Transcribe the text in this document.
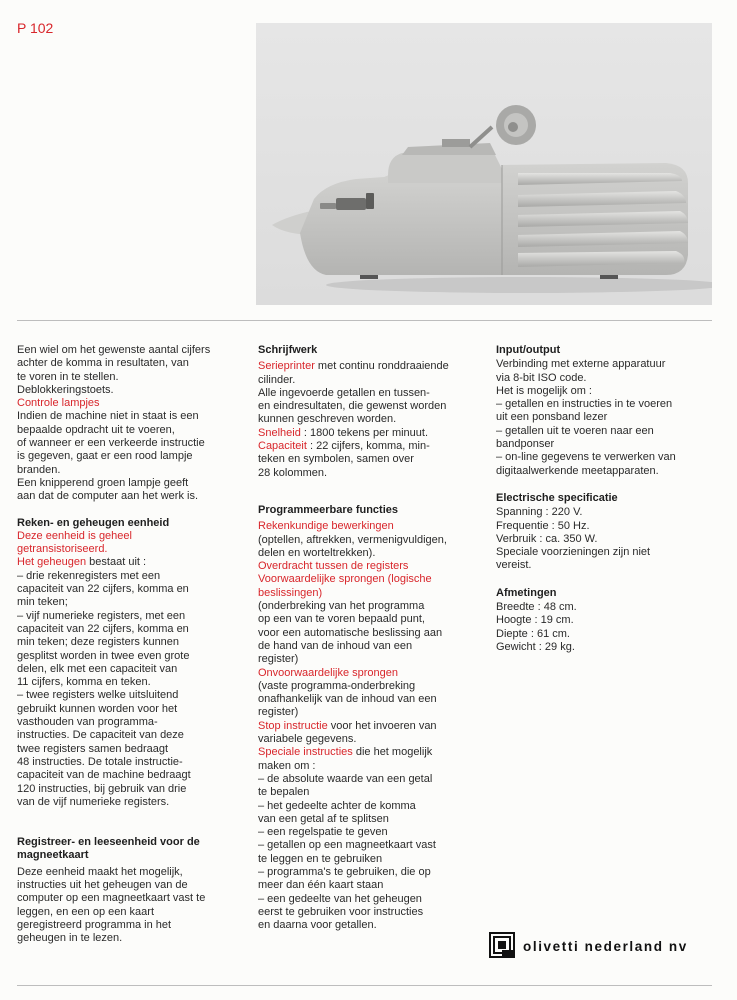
P 102

Een wiel om het gewenste aantal cijfers

achter de komma in resultaten, van

te voren in te stellen.

Deblokkeringstoets.

Controle lampjes

Indien de machine niet in staat is een

bepaalde opdracht uit te voeren,

of wanneer er een verkeerde instructie

is gegeven, gaat er een rood lampje

branden.

Een knipperend groen lampje geeft

aan dat de computer aan het werk is.

Reken- en geheugen eenheid

Deze eenheid is geheel

getransistoriseerd.

Het geheugen bestaat uit :

– drie rekenregisters met een

capaciteit van 22 cijfers, komma en

min teken;

– vijf numerieke registers, met een

capaciteit van 22 cijfers, komma en

min teken; deze registers kunnen

gesplitst worden in twee even grote

delen, elk met een capaciteit van

11 cijfers, komma en teken.

– twee registers welke uitsluitend

gebruikt kunnen worden voor het

vasthouden van programma-

instructies. De capaciteit van deze

twee registers samen bedraagt

48 instructies. De totale instructie-

capaciteit van de machine bedraagt

120 instructies, bij gebruik van drie

van de vijf numerieke registers.

Registreer- en leeseenheid voor de

magneetkaart

Deze eenheid maakt het mogelijk,

instructies uit het geheugen van de

computer op een magneetkaart vast te

leggen, en een op een kaart

geregistreerd programma in het

geheugen in te lezen.

Schrijfwerk

Serieprinter met continu ronddraaiende

cilinder.

Alle ingevoerde getallen en tussen-

en eindresultaten, die gewenst worden

kunnen geschreven worden.

Snelheid : 1800 tekens per minuut.

Capaciteit : 22 cijfers, komma, min-

teken en symbolen, samen over

28 kolommen.

Programmeerbare functies

Rekenkundige bewerkingen

(optellen, aftrekken, vermenigvuldigen,

delen en worteltrekken).

Overdracht tussen de registers

Voorwaardelijke sprongen (logische

beslissingen)

(onderbreking van het programma

op een van te voren bepaald punt,

voor een automatische beslissing aan

de hand van de inhoud van een

register)

Onvoorwaardelijke sprongen

(vaste programma-onderbreking

onafhankelijk van de inhoud van een

register)

Stop instructie voor het invoeren van

variabele gegevens.

Speciale instructies die het mogelijk

maken om :

– de absolute waarde van een getal

te bepalen

– het gedeelte achter de komma

van een getal af te splitsen

– een regelspatie te geven

– getallen op een magneetkaart vast

te leggen en te gebruiken

– programma's te gebruiken, die op

meer dan één kaart staan

– een gedeelte van het geheugen

eerst te gebruiken voor instructies

en daarna voor getallen.

Input/output

Verbinding met externe apparatuur

via 8-bit ISO code.

Het is mogelijk om :

– getallen en instructies in te voeren

uit een ponsband lezer

– getallen uit te voeren naar een

bandponser

– on-line gegevens te verwerken van

digitaalwerkende meetapparaten.

Electrische specificatie

Spanning : 220 V.

Frequentie : 50 Hz.

Verbruik : ca. 350 W.

Speciale voorzieningen zijn niet

vereist.

Afmetingen

Breedte : 48 cm.

Hoogte : 19 cm.

Diepte : 61 cm.

Gewicht : 29 kg.

olivetti nederland nv
